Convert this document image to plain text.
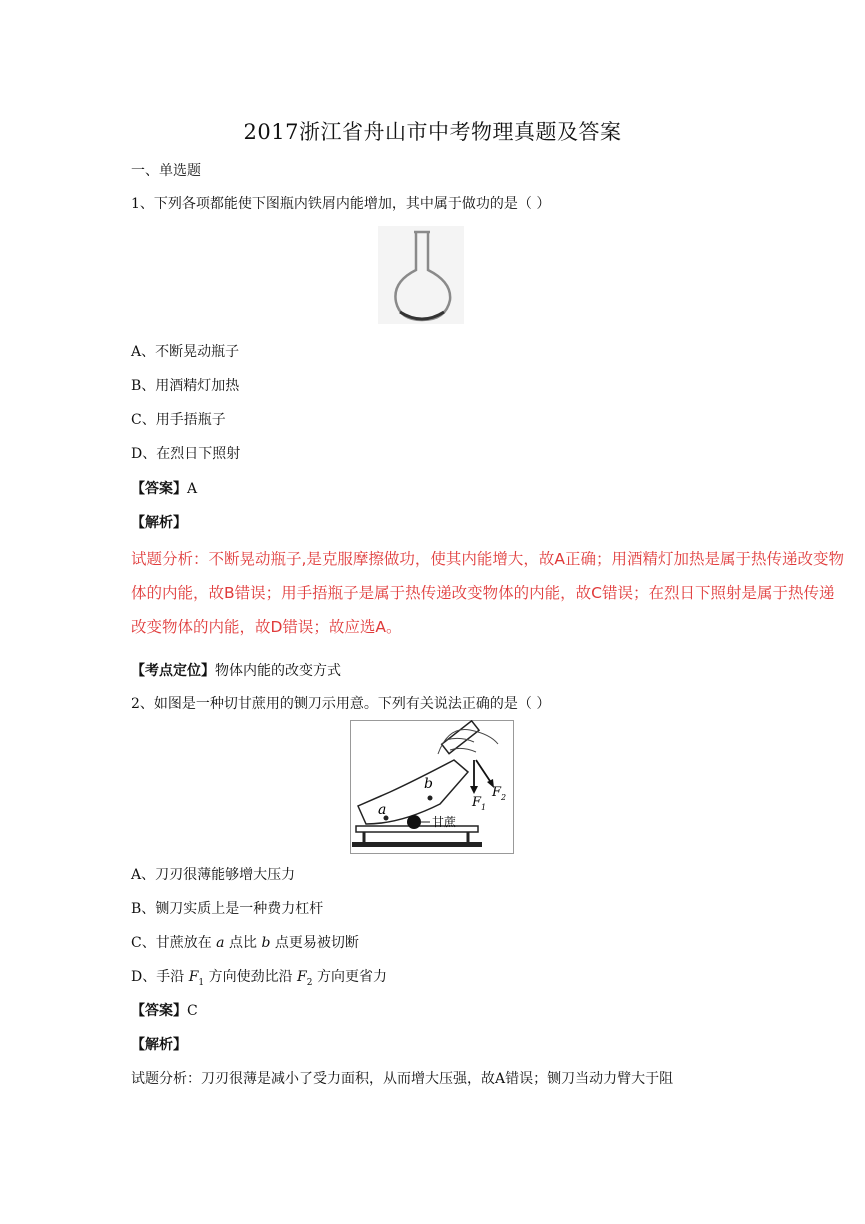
2017浙江省舟山市中考物理真题及答案
一、单选题
1、下列各项都能使下图瓶内铁屑内能增加，其中属于做功的是（ ）
A、不断晃动瓶子
B、用酒精灯加热
C、用手捂瓶子
D、在烈日下照射
【答案】A
【解析】
试题分析：不断晃动瓶子,是克服摩擦做功，使其内能增大，故A正确；用酒精灯加热是属于热传递改变物
体的内能，故B错误；用手捂瓶子是属于热传递改变物体的内能，故C错误；在烈日下照射是属于热传递
改变物体的内能，故D错误；故应选A。
【考点定位】物体内能的改变方式
2、如图是一种切甘蔗用的铡刀示用意。下列有关说法正确的是（ ）
a
b
F 1
F 2
甘蔗
A、刀刃很薄能够增大压力
B、铡刀实质上是一种费力杠杆
C、甘蔗放在 a 点比 b 点更易被切断
D、手沿 $F_1$ 方向使劲比沿 $F_2$ 方向更省力
【答案】C
【解析】
试题分析：刀刃很薄是减小了受力面积，从而增大压强，故A错误；铡刀当动力臂大于阻
